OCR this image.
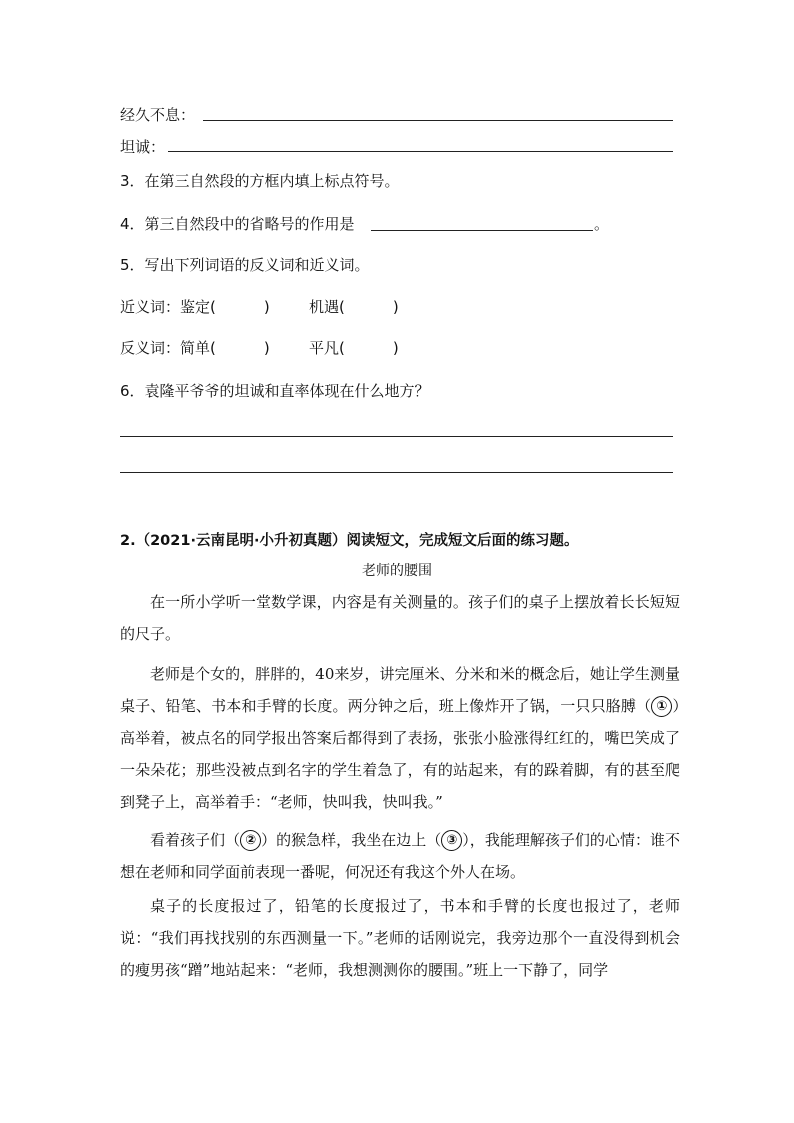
经久不息：
坦诚：
3．在第三自然段的方框内填上标点符号。
4．第三自然段中的省略号的作用是	。
5．写出下列词语的反义词和近义词。
近义词：鉴定(	)	机遇(	)
反义词：简单(	)	平凡(	)
6．袁隆平爷爷的坦诚和直率体现在什么地方？
2.（2021·云南昆明·小升初真题）阅读短文，完成短文后面的练习题。
老师的腰围
在一所小学听一堂数学课，内容是有关测量的。孩子们的桌子上摆放着长长短短的尺子。
老师是个女的，胖胖的，40来岁，讲完厘米、分米和米的概念后，她让学生测量桌子、铅笔、书本和手臂的长度。两分钟之后，班上像炸开了锅，一只只胳膊（ ① ）高举着，被点名的同学报出答案后都得到了表扬，张张小脸涨得红红的，嘴巴笑成了一朵朵花；那些没被点到名字的学生着急了，有的站起来，有的跺着脚，有的甚至爬到凳子上，高举着手：“老师，快叫我，快叫我。”
看着孩子们（ ② ）的猴急样，我坐在边上（ ③ ），我能理解孩子们的心情：谁不想在老师和同学面前表现一番呢，何况还有我这个外人在场。
桌子的长度报过了，铅笔的长度报过了，书本和手臂的长度也报过了，老师说：“我们再找找别的东西测量一下。”老师的话刚说完，我旁边那个一直没得到机会的瘦男孩“蹭”地站起来：“老师，我想测测你的腰围。”班上一下静了，同学
